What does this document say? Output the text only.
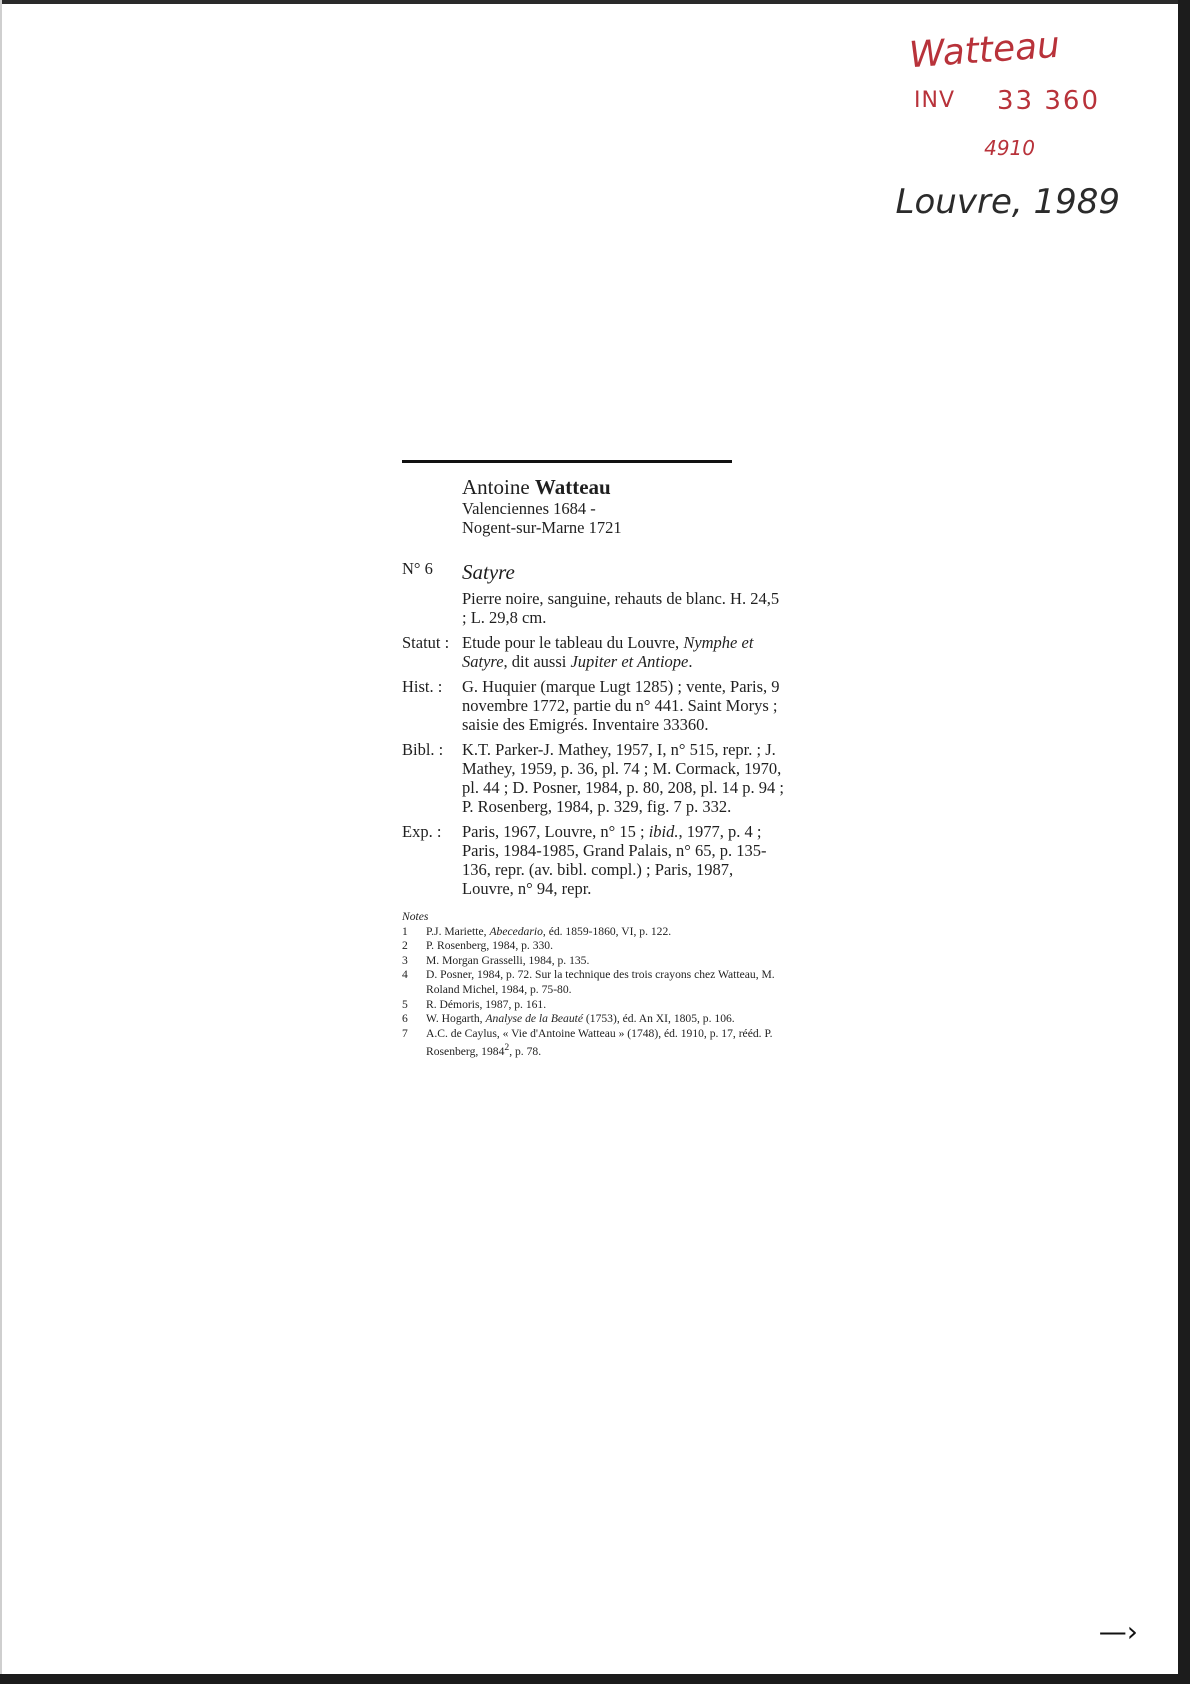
Watteau
INV 33 360
4910
Louvre, 1989
Antoine Watteau
Valenciennes 1684 -
Nogent-sur-Marne 1721
N° 6	Satyre
Pierre noire, sanguine, rehauts de blanc. H. 24,5 ; L. 29,8 cm.
Statut : Etude pour le tableau du Louvre, Nymphe et Satyre, dit aussi Jupiter et Antiope.
Hist. :	G. Huquier (marque Lugt 1285) ; vente, Paris, 9 novembre 1772, partie du n° 441. Saint Morys ; saisie des Emigrés. Inventaire 33360.
Bibl. :	K.T. Parker-J. Mathey, 1957, I, n° 515, repr. ; J. Mathey, 1959, p. 36, pl. 74 ; M. Cormack, 1970, pl. 44 ; D. Posner, 1984, p. 80, 208, pl. 14 p. 94 ; P. Rosenberg, 1984, p. 329, fig. 7 p. 332.
Exp. :	Paris, 1967, Louvre, n° 15 ; ibid., 1977, p. 4 ; Paris, 1984-1985, Grand Palais, n° 65, p. 135-136, repr. (av. bibl. compl.) ; Paris, 1987, Louvre, n° 94, repr.
Notes
1	P.J. Mariette, Abecedario, éd. 1859-1860, VI, p. 122.
2	P. Rosenberg, 1984, p. 330.
3	M. Morgan Grasselli, 1984, p. 135.
4	D. Posner, 1984, p. 72. Sur la technique des trois crayons chez Watteau, M. Roland Michel, 1984, p. 75-80.
5	R. Démoris, 1987, p. 161.
6	W. Hogarth, Analyse de la Beauté (1753), éd. An XI, 1805, p. 106.
7	A.C. de Caylus, « Vie d'Antoine Watteau » (1748), éd. 1910, p. 17, rééd. P. Rosenberg, 1984$^2$, p. 78.
—›
